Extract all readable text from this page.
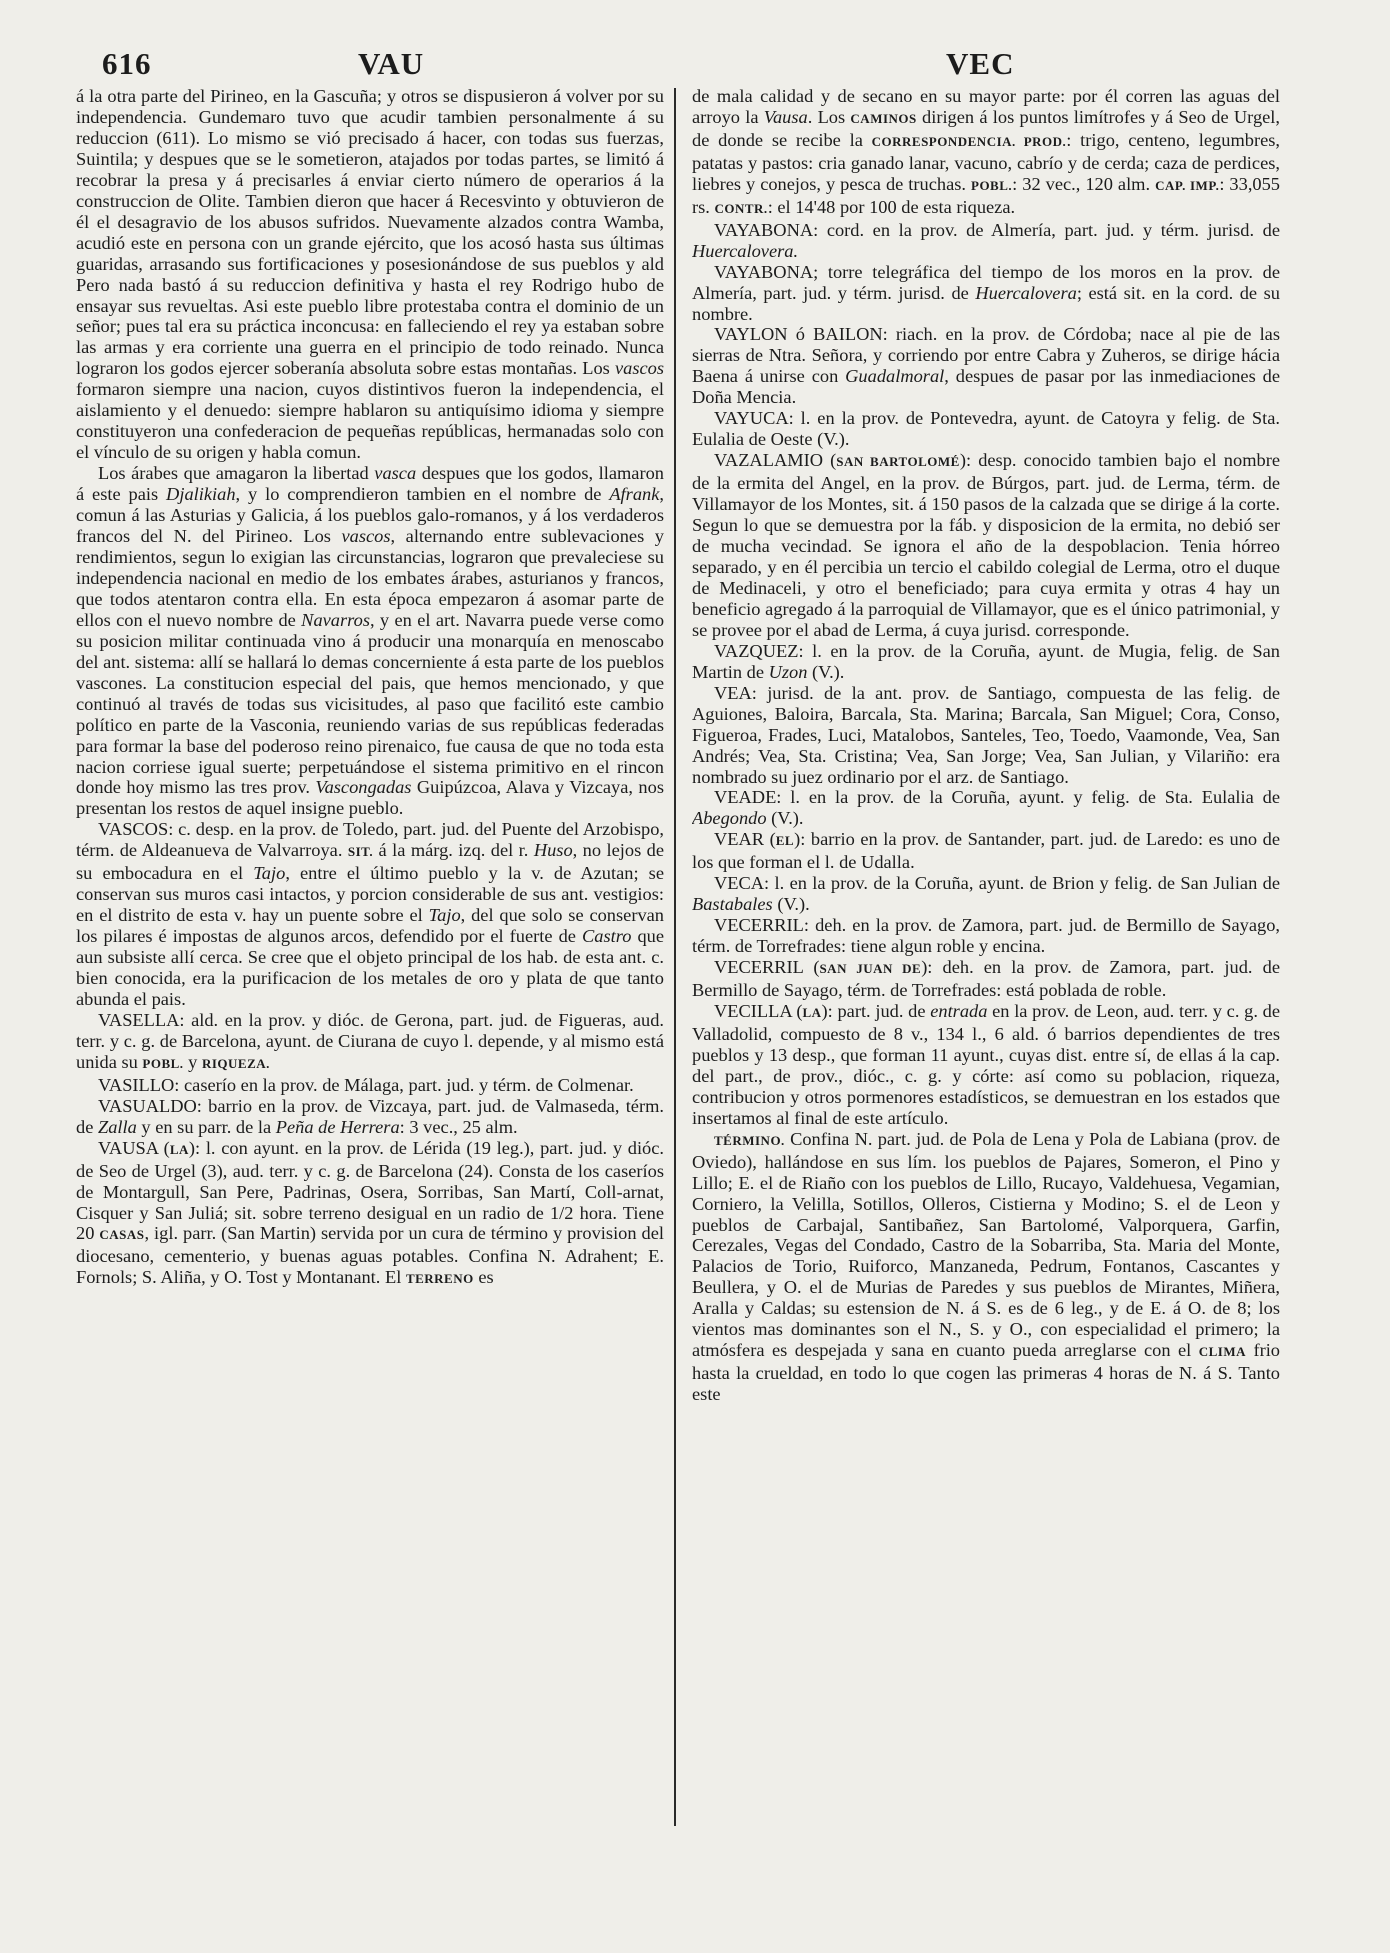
616	VAU	VEC

á la otra parte del Pirineo, en la Gascuña; y otros se dispusieron á volver por su independencia. Gundemaro tuvo que acudir tambien personalmente á su reduccion (611). Lo mismo se vió precisado á hacer, con todas sus fuerzas, Suintila; y despues que se le sometieron, atajados por todas partes, se limitó á recobrar la presa y á precisarles á enviar cierto número de operarios á la construccion de Olite. Tambien dieron que hacer á Recesvinto y obtuvieron de él el desagravio de los abusos sufridos. Nuevamente alzados contra Wamba, acudió este en persona con un grande ejército, que los acosó hasta sus últimas guaridas, arrasando sus fortificaciones y posesionándose de sus pueblos y ald Pero nada bastó á su reduccion definitiva y hasta el rey Rodrigo hubo de ensayar sus revueltas. Asi este pueblo libre protestaba contra el dominio de un señor; pues tal era su práctica inconcusa: en falleciendo el rey ya estaban sobre las armas y era corriente una guerra en el principio de todo reinado. Nunca lograron los godos ejercer soberanía absoluta sobre estas montañas. Los vascos formaron siempre una nacion, cuyos distintivos fueron la independencia, el aislamiento y el denuedo: siempre hablaron su antiquísimo idioma y siempre constituyeron una confederacion de pequeñas repúblicas, hermanadas solo con el vínculo de su origen y habla comun.

Los árabes que amagaron la libertad vasca despues que los godos, llamaron á este pais Djalikiah, y lo comprendieron tambien en el nombre de Afrank, comun á las Asturias y Galicia, á los pueblos galo-romanos, y á los verdaderos francos del N. del Pirineo. Los vascos, alternando entre sublevaciones y rendimientos, segun lo exigian las circunstancias, lograron que prevaleciese su independencia nacional en medio de los embates árabes, asturianos y francos, que todos atentaron contra ella. En esta época empezaron á asomar parte de ellos con el nuevo nombre de Navarros, y en el art. Navarra puede verse como su posicion militar continuada vino á producir una monarquía en menoscabo del ant. sistema: allí se hallará lo demas concerniente á esta parte de los pueblos vascones. La constitucion especial del pais, que hemos mencionado, y que continuó al través de todas sus vicisitudes, al paso que facilitó este cambio político en parte de la Vasconia, reuniendo varias de sus repúblicas federadas para formar la base del poderoso reino pirenaico, fue causa de que no toda esta nacion corriese igual suerte; perpetuándose el sistema primitivo en el rincon donde hoy mismo las tres prov. Vascongadas Guipúzcoa, Alava y Vizcaya, nos presentan los restos de aquel insigne pueblo.

VASCOS: c. desp. en la prov. de Toledo, part. jud. del Puente del Arzobispo, térm. de Aldeanueva de Valvarroya. SIT. á la márg. izq. del r. Huso, no lejos de su embocadura en el Tajo, entre el último pueblo y la v. de Azutan; se conservan sus muros casi intactos, y porcion considerable de sus ant. vestigios: en el distrito de esta v. hay un puente sobre el Tajo, del que solo se conservan los pilares é impostas de algunos arcos, defendido por el fuerte de Castro que aun subsiste allí cerca. Se cree que el objeto principal de los hab. de esta ant. c. bien conocida, era la purificacion de los metales de oro y plata de que tanto abunda el pais.

VASELLA: ald. en la prov. y dióc. de Gerona, part. jud. de Figueras, aud. terr. y c. g. de Barcelona, ayunt. de Ciurana de cuyo l. depende, y al mismo está unida su POBL. y RIQUEZA.

VASILLO: caserío en la prov. de Málaga, part. jud. y térm. de Colmenar.

VASUALDO: barrio en la prov. de Vizcaya, part. jud. de Valmaseda, térm. de Zalla y en su parr. de la Peña de Herrera: 3 vec., 25 alm.

VAUSA (LA): l. con ayunt. en la prov. de Lérida (19 leg.), part. jud. y dióc. de Seo de Urgel (3), aud. terr. y c. g. de Barcelona (24). Consta de los caseríos de Montargull, San Pere, Padrinas, Osera, Sorribas, San Martí, Coll-arnat, Cisquer y San Juliá; sit. sobre terreno desigual en un radio de 1/2 hora. Tiene 20 CASAS, igl. parr. (San Martin) servida por un cura de término y provision del diocesano, cementerio, y buenas aguas potables. Confina N. Adrahent; E. Fornols; S. Aliña, y O. Tost y Montanant. El TERRENO es

de mala calidad y de secano en su mayor parte: por él corren las aguas del arroyo la Vausa. Los CAMINOS dirigen á los puntos limítrofes y á Seo de Urgel, de donde se recibe la CORRESPONDENCIA. PROD.: trigo, centeno, legumbres, patatas y pastos: cria ganado lanar, vacuno, cabrío y de cerda; caza de perdices, liebres y conejos, y pesca de truchas. POBL.: 32 vec., 120 alm. CAP. IMP.: 33,055 rs. CONTR.: el 14'48 por 100 de esta riqueza.

VAYABONA: cord. en la prov. de Almería, part. jud. y térm. jurisd. de Huercalovera.

VAYABONA; torre telegráfica del tiempo de los moros en la prov. de Almería, part. jud. y térm. jurisd. de Huercalovera; está sit. en la cord. de su nombre.

VAYLON ó BAILON: riach. en la prov. de Córdoba; nace al pie de las sierras de Ntra. Señora, y corriendo por entre Cabra y Zuheros, se dirige hácia Baena á unirse con Guadalmoral, despues de pasar por las inmediaciones de Doña Mencia.

VAYUCA: l. en la prov. de Pontevedra, ayunt. de Catoyra y felig. de Sta. Eulalia de Oeste (V.).

VAZALAMIO (SAN BARTOLOMÉ): desp. conocido tambien bajo el nombre de la ermita del Angel, en la prov. de Búrgos, part. jud. de Lerma, térm. de Villamayor de los Montes, sit. á 150 pasos de la calzada que se dirige á la corte. Segun lo que se demuestra por la fáb. y disposicion de la ermita, no debió ser de mucha vecindad. Se ignora el año de la despoblacion. Tenia hórreo separado, y en él percibia un tercio el cabildo colegial de Lerma, otro el duque de Medinaceli, y otro el beneficiado; para cuya ermita y otras 4 hay un beneficio agregado á la parroquial de Villamayor, que es el único patrimonial, y se provee por el abad de Lerma, á cuya jurisd. corresponde.

VAZQUEZ: l. en la prov. de la Coruña, ayunt. de Mugia, felig. de San Martin de Uzon (V.).

VEA: jurisd. de la ant. prov. de Santiago, compuesta de las felig. de Aguiones, Baloira, Barcala, Sta. Marina; Barcala, San Miguel; Cora, Conso, Figueroa, Frades, Luci, Matalobos, Santeles, Teo, Toedo, Vaamonde, Vea, San Andrés; Vea, Sta. Cristina; Vea, San Jorge; Vea, San Julian, y Vilariño: era nombrado su juez ordinario por el arz. de Santiago.

VEADE: l. en la prov. de la Coruña, ayunt. y felig. de Sta. Eulalia de Abegondo (V.).

VEAR (EL): barrio en la prov. de Santander, part. jud. de Laredo: es uno de los que forman el l. de Udalla.

VECA: l. en la prov. de la Coruña, ayunt. de Brion y felig. de San Julian de Bastabales (V.).

VECERRIL: deh. en la prov. de Zamora, part. jud. de Bermillo de Sayago, térm. de Torrefrades: tiene algun roble y encina.

VECERRIL (SAN JUAN DE): deh. en la prov. de Zamora, part. jud. de Bermillo de Sayago, térm. de Torrefrades: está poblada de roble.

VECILLA (LA): part. jud. de entrada en la prov. de Leon, aud. terr. y c. g. de Valladolid, compuesto de 8 v., 134 l., 6 ald. ó barrios dependientes de tres pueblos y 13 desp., que forman 11 ayunt., cuyas dist. entre sí, de ellas á la cap. del part., de prov., dióc., c. g. y córte: así como su poblacion, riqueza, contribucion y otros pormenores estadísticos, se demuestran en los estados que insertamos al final de este artículo.

TÉRMINO. Confina N. part. jud. de Pola de Lena y Pola de Labiana (prov. de Oviedo), hallándose en sus lím. los pueblos de Pajares, Someron, el Pino y Lillo; E. el de Riaño con los pueblos de Lillo, Rucayo, Valdehuesa, Vegamian, Corniero, la Velilla, Sotillos, Olleros, Cistierna y Modino; S. el de Leon y pueblos de Carbajal, Santibañez, San Bartolomé, Valporquera, Garfin, Cerezales, Vegas del Condado, Castro de la Sobarriba, Sta. Maria del Monte, Palacios de Torio, Ruiforco, Manzaneda, Pedrum, Fontanos, Cascantes y Beullera, y O. el de Murias de Paredes y sus pueblos de Mirantes, Miñera, Aralla y Caldas; su estension de N. á S. es de 6 leg., y de E. á O. de 8; los vientos mas dominantes son el N., S. y O., con especialidad el primero; la atmósfera es despejada y sana en cuanto pueda arreglarse con el CLIMA frio hasta la crueldad, en todo lo que cogen las primeras 4 horas de N. á S. Tanto este
